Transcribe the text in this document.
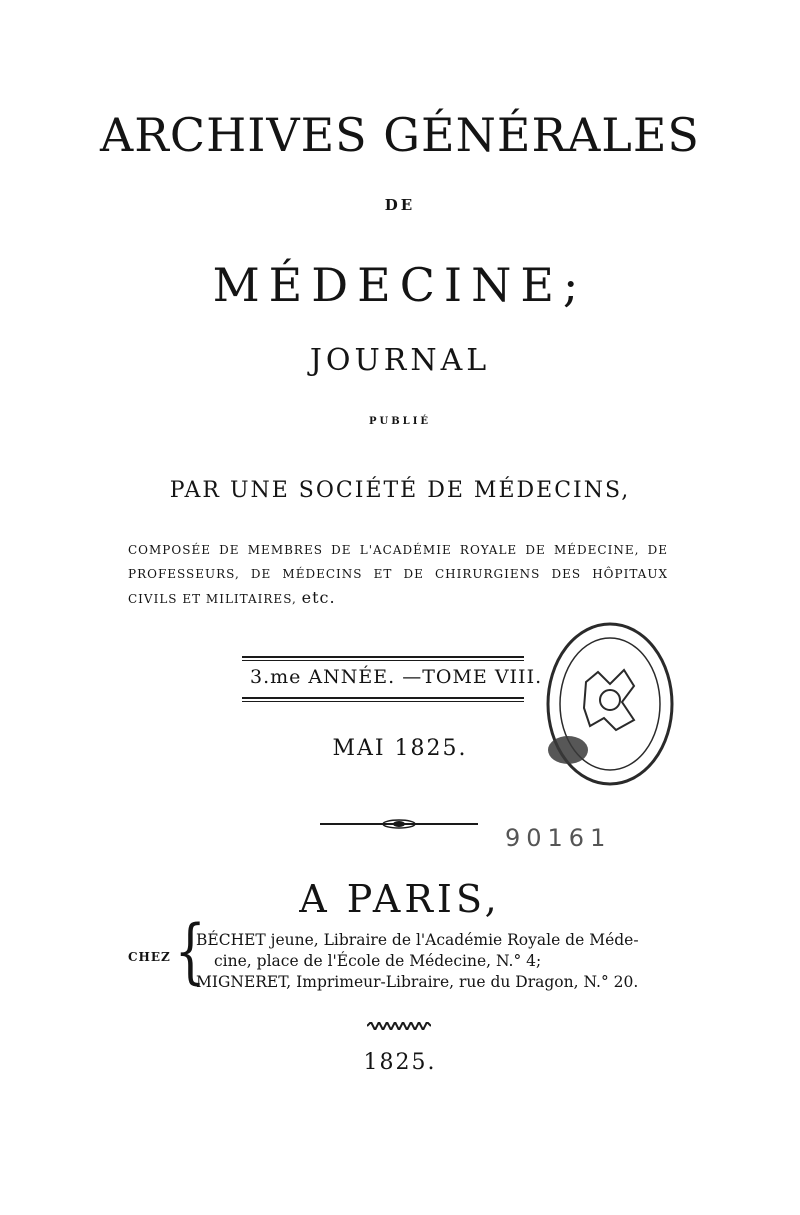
ARCHIVES GÉNÉRALES
DE
MÉDECINE;
JOURNAL
PUBLIÉ
PAR UNE SOCIÉTÉ DE MÉDECINS,
COMPOSÉE DE MEMBRES DE L'ACADÉMIE ROYALE DE MÉDECINE, DE PROFESSEURS, DE MÉDECINS ET DE CHIRURGIENS DES HÔPITAUX CIVILS ET MILITAIRES, etc.
3.me ANNÉE. —TOME VIII.
MAI 1825.
90161
A PARIS,
CHEZ {
BÉCHET jeune, Libraire de l'Académie Royale de Méde-
cine, place de l'École de Médecine, N.° 4;
MIGNERET, Imprimeur-Libraire, rue du Dragon, N.° 20.
1825.
